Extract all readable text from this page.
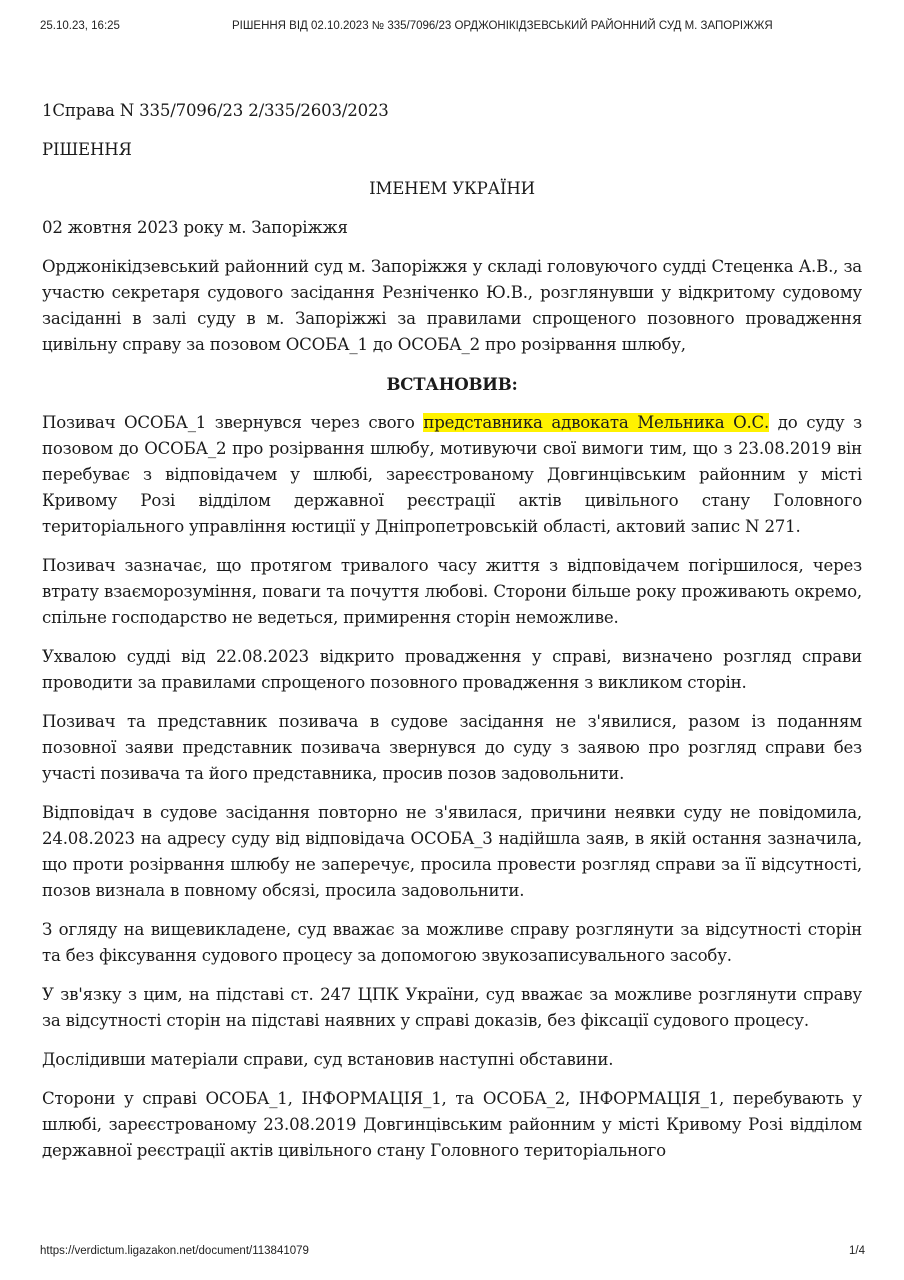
25.10.23, 16:25	РІШЕННЯ ВІД 02.10.2023 № 335/7096/23 ОРДЖОНІКІДЗЕВСЬКИЙ РАЙОННИЙ СУД М. ЗАПОРІЖЖЯ

1Справа N 335/7096/23 2/335/2603/2023

РІШЕННЯ

ІМЕНЕМ УКРАЇНИ

02 жовтня 2023 року м. Запоріжжя

Орджонікідзевський районний суд м. Запоріжжя у складі головуючого судді Стеценка А.В., за участю секретаря судового засідання Резніченко Ю.В., розглянувши у відкритому судовому засіданні в залі суду в м. Запоріжжі за правилами спрощеного позовного провадження цивільну справу за позовом ОСОБА_1 до ОСОБА_2 про розірвання шлюбу,

ВСТАНОВИВ:

Позивач ОСОБА_1 звернувся через свого представника адвоката Мельника О.С. до суду з позовом до ОСОБА_2 про розірвання шлюбу, мотивуючи свої вимоги тим, що з 23.08.2019 він перебуває з відповідачем у шлюбі, зареєстрованому Довгинцівським районним у місті Кривому Розі відділом державної реєстрації актів цивільного стану Головного територіального управління юстиції у Дніпропетровській області, актовий запис N 271.

Позивач зазначає, що протягом тривалого часу життя з відповідачем погіршилося, через втрату взаєморозуміння, поваги та почуття любові. Сторони більше року проживають окремо, спільне господарство не ведеться, примирення сторін неможливе.

Ухвалою судді від 22.08.2023 відкрито провадження у справі, визначено розгляд справи проводити за правилами спрощеного позовного провадження з викликом сторін.

Позивач та представник позивача в судове засідання не з'явилися, разом із поданням позовної заяви представник позивача звернувся до суду з заявою про розгляд справи без участі позивача та його представника, просив позов задовольнити.

Відповідач в судове засідання повторно не з'явилася, причини неявки суду не повідомила, 24.08.2023 на адресу суду від відповідача ОСОБА_3 надійшла заяв, в якій остання зазначила, що проти розірвання шлюбу не заперечує, просила провести розгляд справи за її відсутності, позов визнала в повному обсязі, просила задовольнити.

З огляду на вищевикладене, суд вважає за можливе справу розглянути за відсутності сторін та без фіксування судового процесу за допомогою звукозаписувального засобу.

У зв'язку з цим, на підставі ст. 247 ЦПК України, суд вважає за можливе розглянути справу за відсутності сторін на підставі наявних у справі доказів, без фіксації судового процесу.

Дослідивши матеріали справи, суд встановив наступні обставини.

Сторони у справі ОСОБА_1, ІНФОРМАЦІЯ_1, та ОСОБА_2, ІНФОРМАЦІЯ_1, перебувають у шлюбі, зареєстрованому 23.08.2019 Довгинцівським районним у місті Кривому Розі відділом державної реєстрації актів цивільного стану Головного територіального

https://verdictum.ligazakon.net/document/113841079	1/4
